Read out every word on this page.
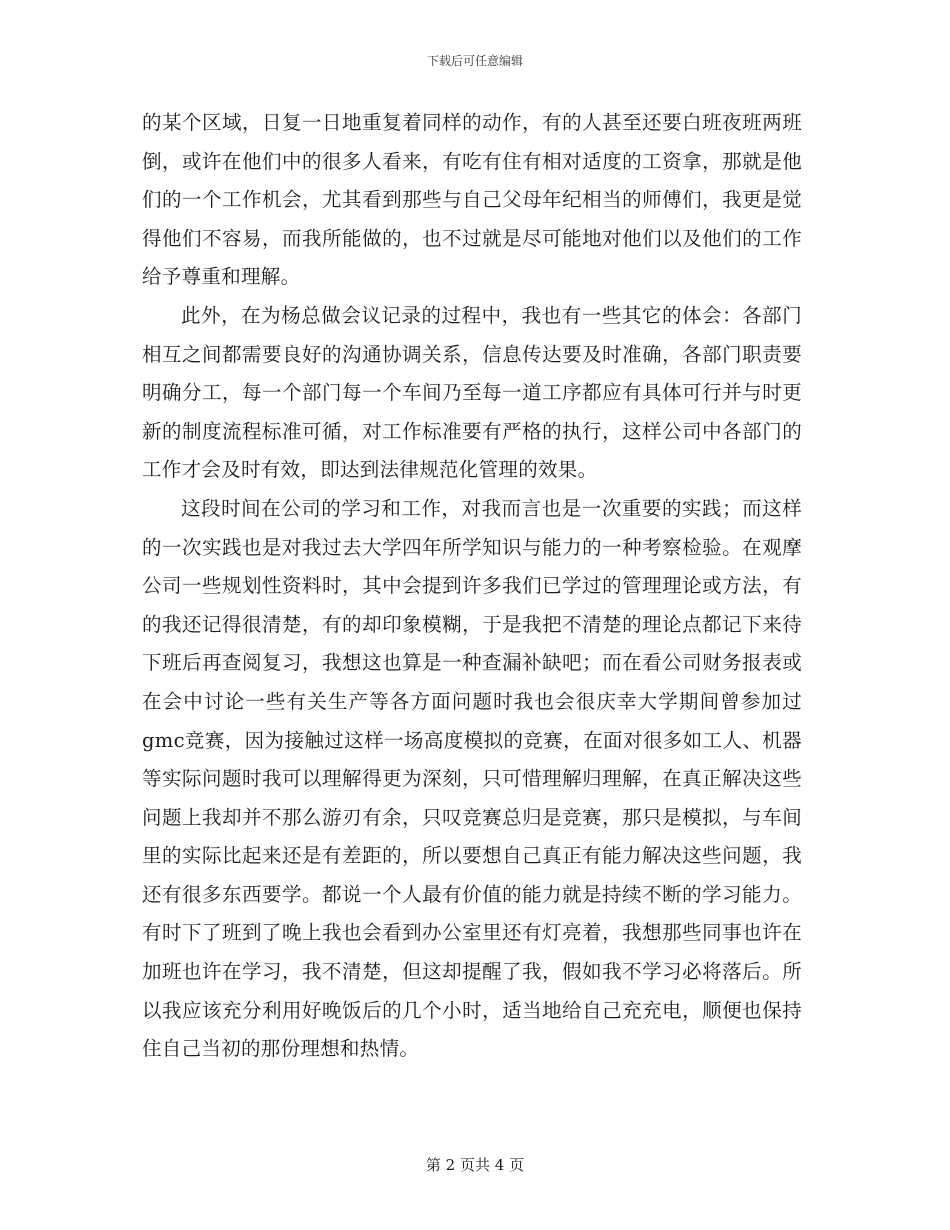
下载后可任意编辑

的某个区域，日复一日地重复着同样的动作，有的人甚至还要白班夜班两班倒，或许在他们中的很多人看来，有吃有住有相对适度的工资拿，那就是他们的一个工作机会，尤其看到那些与自己父母年纪相当的师傅们，我更是觉得他们不容易，而我所能做的，也不过就是尽可能地对他们以及他们的工作给予尊重和理解。

此外，在为杨总做会议记录的过程中，我也有一些其它的体会：各部门相互之间都需要良好的沟通协调关系，信息传达要及时准确，各部门职责要明确分工，每一个部门每一个车间乃至每一道工序都应有具体可行并与时更新的制度流程标准可循，对工作标准要有严格的执行，这样公司中各部门的工作才会及时有效，即达到法律规范化管理的效果。

这段时间在公司的学习和工作，对我而言也是一次重要的实践；而这样的一次实践也是对我过去大学四年所学知识与能力的一种考察检验。在观摩公司一些规划性资料时，其中会提到许多我们已学过的管理理论或方法，有的我还记得很清楚，有的却印象模糊，于是我把不清楚的理论点都记下来待下班后再查阅复习，我想这也算是一种查漏补缺吧；而在看公司财务报表或在会中讨论一些有关生产等各方面问题时我也会很庆幸大学期间曾参加过gmc竞赛，因为接触过这样一场高度模拟的竞赛，在面对很多如工人、机器等实际问题时我可以理解得更为深刻，只可惜理解归理解，在真正解决这些问题上我却并不那么游刃有余，只叹竞赛总归是竞赛，那只是模拟，与车间里的实际比起来还是有差距的，所以要想自己真正有能力解决这些问题，我还有很多东西要学。都说一个人最有价值的能力就是持续不断的学习能力。有时下了班到了晚上我也会看到办公室里还有灯亮着，我想那些同事也许在加班也许在学习，我不清楚，但这却提醒了我，假如我不学习必将落后。所以我应该充分利用好晚饭后的几个小时，适当地给自己充充电，顺便也保持住自己当初的那份理想和热情。

第 2 页共 4 页
